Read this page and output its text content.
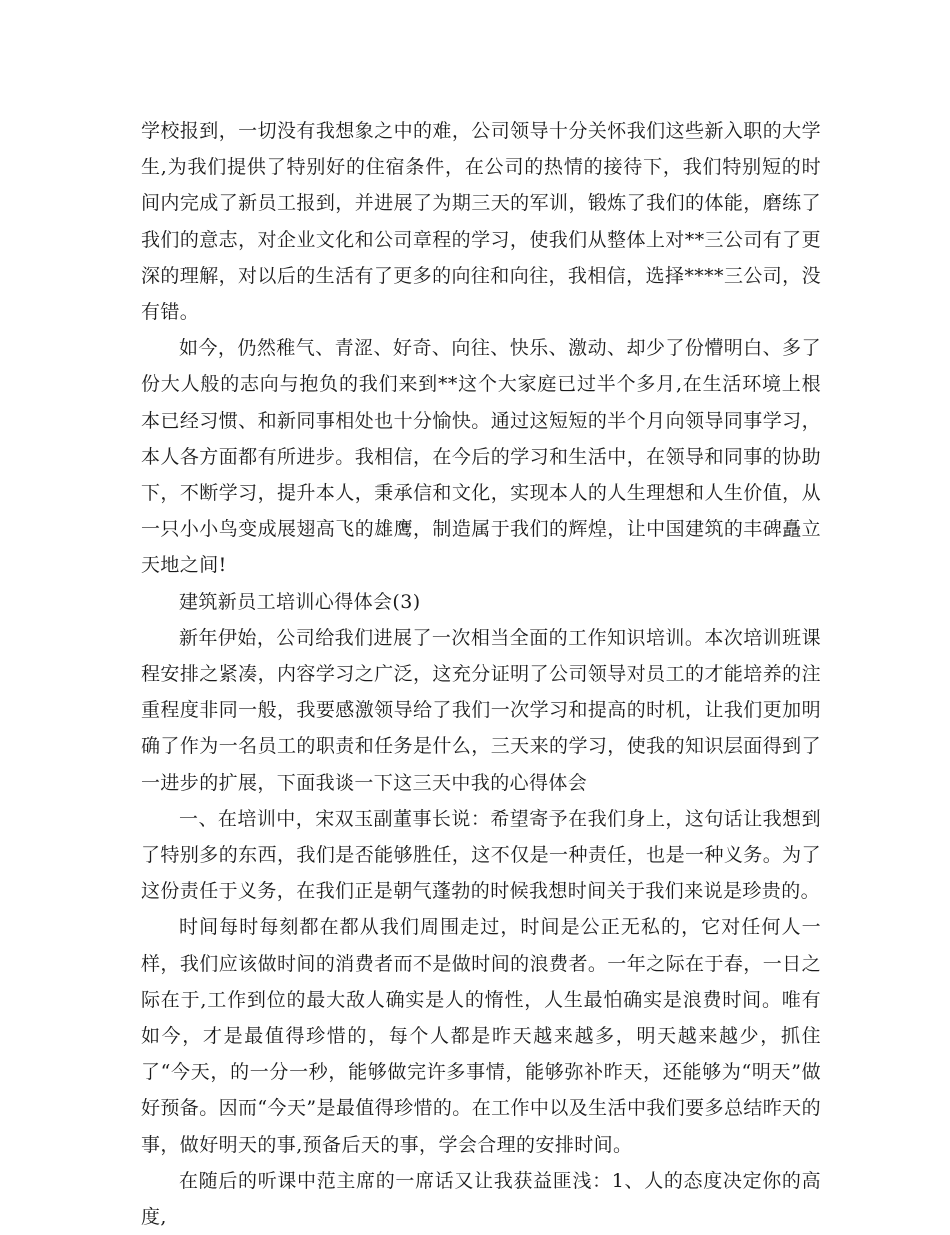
学校报到，一切没有我想象之中的难，公司领导十分关怀我们这些新入职的大学生,为我们提供了特别好的住宿条件，在公司的热情的接待下，我们特别短的时间内完成了新员工报到，并进展了为期三天的军训，锻炼了我们的体能，磨练了我们的意志，对企业文化和公司章程的学习，使我们从整体上对**三公司有了更深的理解，对以后的生活有了更多的向往和向往，我相信，选择****三公司，没有错。

如今，仍然稚气、青涩、好奇、向往、快乐、激动、却少了份懵明白、多了份大人般的志向与抱负的我们来到**这个大家庭已过半个多月,在生活环境上根本已经习惯、和新同事相处也十分愉快。通过这短短的半个月向领导同事学习，本人各方面都有所进步。我相信，在今后的学习和生活中，在领导和同事的协助下，不断学习，提升本人，秉承信和文化，实现本人的人生理想和人生价值，从一只小小鸟变成展翅高飞的雄鹰，制造属于我们的辉煌，让中国建筑的丰碑矗立天地之间!

建筑新员工培训心得体会(3)

新年伊始，公司给我们进展了一次相当全面的工作知识培训。本次培训班课程安排之紧凑，内容学习之广泛，这充分证明了公司领导对员工的才能培养的注重程度非同一般，我要感激领导给了我们一次学习和提高的时机，让我们更加明确了作为一名员工的职责和任务是什么，三天来的学习，使我的知识层面得到了一进步的扩展，下面我谈一下这三天中我的心得体会

一、在培训中，宋双玉副董事长说：希望寄予在我们身上，这句话让我想到了特别多的东西，我们是否能够胜任，这不仅是一种责任，也是一种义务。为了这份责任于义务，在我们正是朝气蓬勃的时候我想时间关于我们来说是珍贵的。

时间每时每刻都在都从我们周围走过，时间是公正无私的，它对任何人一样，我们应该做时间的消费者而不是做时间的浪费者。一年之际在于春，一日之际在于,工作到位的最大敌人确实是人的惰性，人生最怕确实是浪费时间。唯有如今，才是最值得珍惜的，每个人都是昨天越来越多，明天越来越少，抓住了“今天，的一分一秒，能够做完许多事情，能够弥补昨天，还能够为“明天”做好预备。因而“今天”是最值得珍惜的。在工作中以及生活中我们要多总结昨天的事，做好明天的事,预备后天的事，学会合理的安排时间。

在随后的听课中范主席的一席话又让我获益匪浅：1、人的态度决定你的高度,
